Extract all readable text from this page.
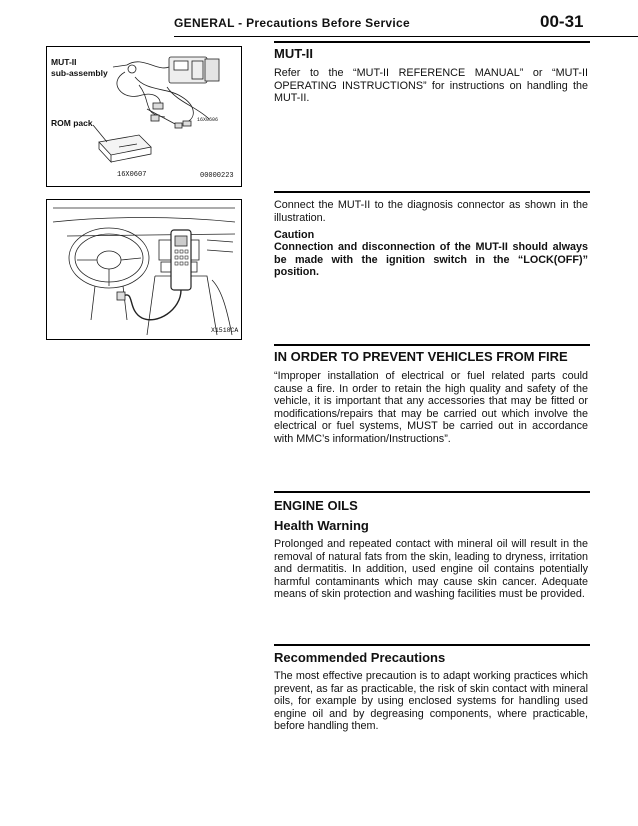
GENERAL - Precautions Before Service	00-31
MUT-II
sub-assembly
ROM pack
16X0607	00000223
16X0606
X1518CA
MUT-II
Refer to the “MUT-II REFERENCE MANUAL” or “MUT-II OPERATING INSTRUCTIONS” for instructions on handling the MUT-II.
Connect the MUT-II to the diagnosis connector as shown in the illustration.
Caution
Connection and disconnection of the MUT-II should always be made with the ignition switch in the “LOCK(OFF)” position.
IN ORDER TO PREVENT VEHICLES FROM FIRE
“Improper installation of electrical or fuel related parts could cause a fire. In order to retain the high quality and safety of the vehicle, it is important that any accessories that may be fitted or modifications/repairs that may be carried out which involve the electrical or fuel systems, MUST be carried out in accordance with MMC’s information/Instructions”.
ENGINE OILS
Health Warning
Prolonged and repeated contact with mineral oil will result in the removal of natural fats from the skin, leading to dryness, irritation and dermatitis. In addition, used engine oil contains potentially harmful contaminants which may cause skin cancer. Adequate means of skin protection and washing facilities must be provided.
Recommended Precautions
The most effective precaution is to adapt working practices which prevent, as far as practicable, the risk of skin contact with mineral oils, for example by using enclosed systems for handling used engine oil and by degreasing components, where practicable, before handling them.
